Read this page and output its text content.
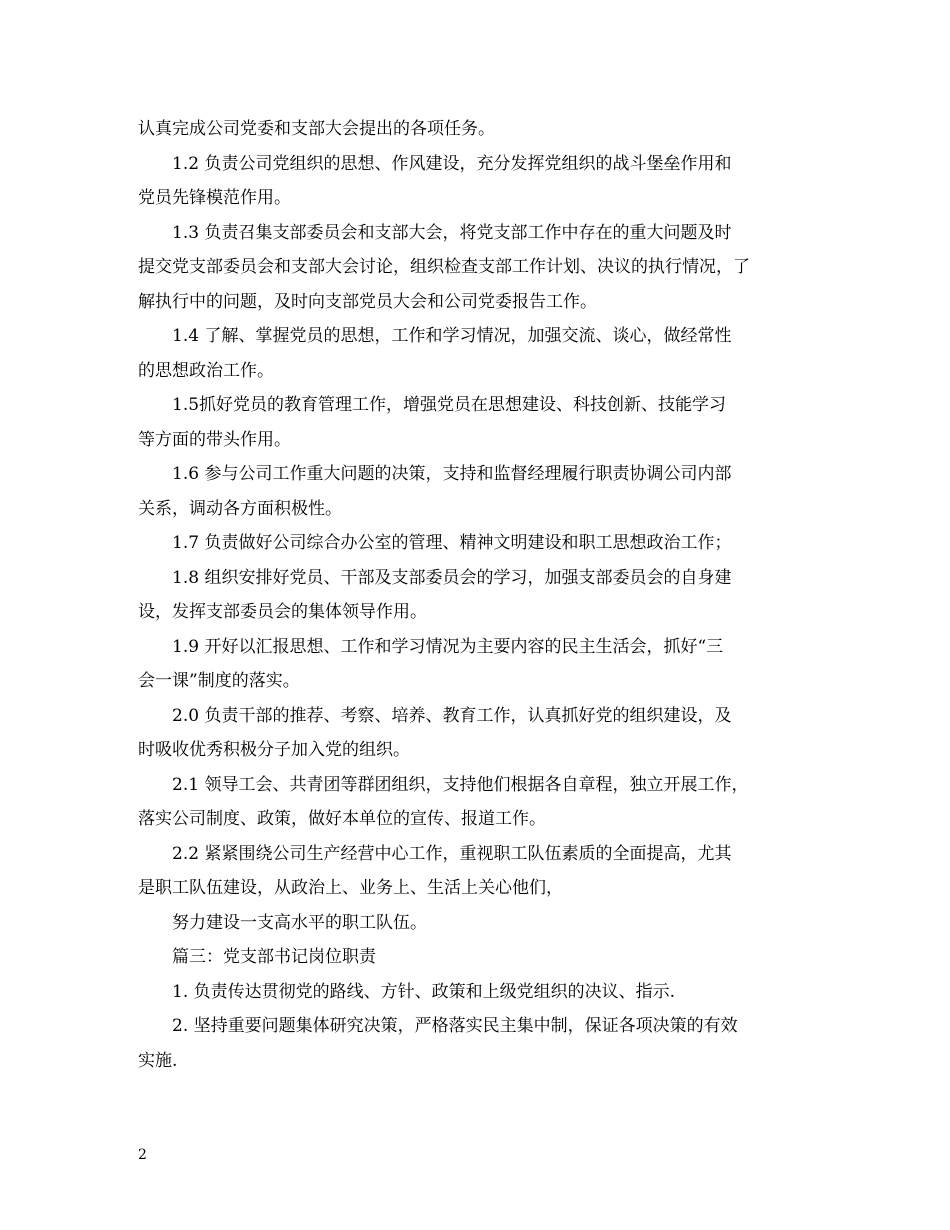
认真完成公司党委和支部大会提出的各项任务。
1.2 负责公司党组织的思想、作风建设，充分发挥党组织的战斗堡垒作用和
党员先锋模范作用。
1.3 负责召集支部委员会和支部大会，将党支部工作中存在的重大问题及时
提交党支部委员会和支部大会讨论，组织检查支部工作计划、决议的执行情况，了
解执行中的问题，及时向支部党员大会和公司党委报告工作。
1.4 了解、掌握党员的思想，工作和学习情况，加强交流、谈心，做经常性
的思想政治工作。
1.5抓好党员的教育管理工作，增强党员在思想建设、科技创新、技能学习
等方面的带头作用。
1.6 参与公司工作重大问题的决策，支持和监督经理履行职责协调公司内部
关系，调动各方面积极性。
1.7 负责做好公司综合办公室的管理、精神文明建设和职工思想政治工作；
1.8 组织安排好党员、干部及支部委员会的学习，加强支部委员会的自身建
设，发挥支部委员会的集体领导作用。
1.9 开好以汇报思想、工作和学习情况为主要内容的民主生活会，抓好“三
会一课”制度的落实。
2.0 负责干部的推荐、考察、培养、教育工作，认真抓好党的组织建设，及
时吸收优秀积极分子加入党的组织。
2.1 领导工会、共青团等群团组织，支持他们根据各自章程，独立开展工作，
落实公司制度、政策，做好本单位的宣传、报道工作。
2.2 紧紧围绕公司生产经营中心工作，重视职工队伍素质的全面提高，尤其
是职工队伍建设，从政治上、业务上、生活上关心他们，
努力建设一支高水平的职工队伍。
篇三：党支部书记岗位职责
1. 负责传达贯彻党的路线、方针、政策和上级党组织的决议、指示.
2. 坚持重要问题集体研究决策，严格落实民主集中制，保证各项决策的有效
实施.
2
